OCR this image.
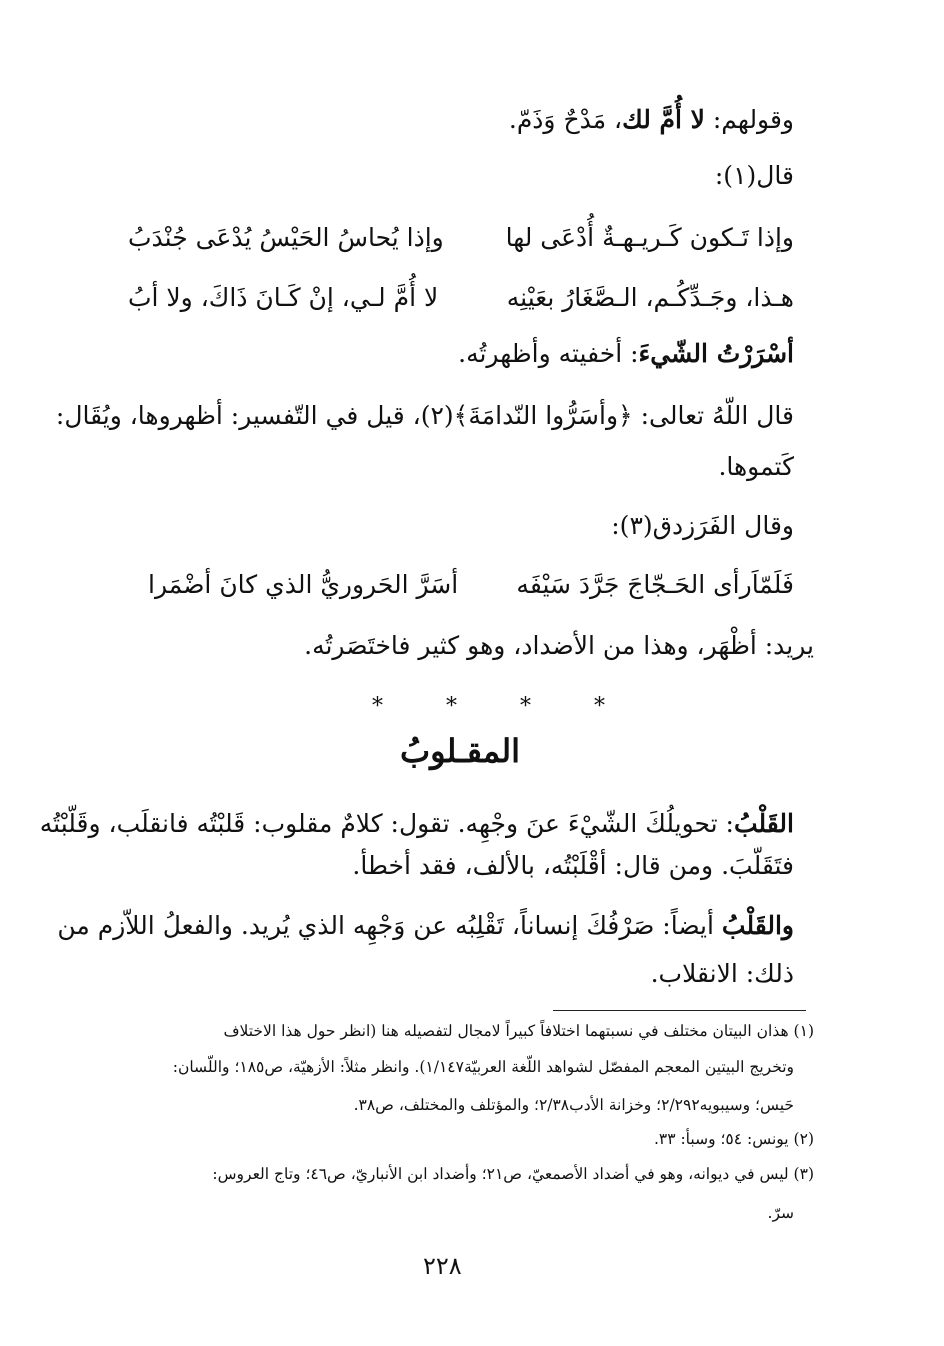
وقولهم: لا أُمَّ لك، مَدْحٌ وَذَمّ.
قال(١):
وإذا تَـكون كَـريـهـةٌ أُدْعَى لها
وإذا يُحاسُ الحَيْسُ يُدْعَى جُنْدَبُ
هـذا، وجَـدِّكُـم، الـصَّغَارُ بعَيْنِه
لا أُمَّ لـي، إنْ كَـانَ ذَاكَ، ولا أبُ
أسْرَرْتُ الشّيءَ: أخفيته وأظهرتُه.
قال اللّهُ تعالى: ﴿وأسَرُّوا النّدامَةَ﴾(٢)، قيل في التّفسير: أظهروها، ويُقَال:
كَتموها.
وقال الفَرَزدق(٣):
فَلَمّاَرأى الحَـجّاجَ جَرَّدَ سَيْفَه
أسَرَّ الحَروريُّ الذي كانَ أضْمَرا
يريد: أظْهَر، وهذا من الأضداد، وهو كثير فاختَصَرتُه.
* * * *
المقـلوبُ
القَلْبُ: تحويلُكَ الشّيْءَ عنَ وجْهِه. تقول: كلامٌ مقلوب: قَلبْتُه فانقلَب، وقَلّبْتُه
فتَقَلّبَ. ومن قال: أقْلَبْتُه، بالألف، فقد أخطأ.
والقَلْبُ أيضاً: صَرْفُكَ إنساناً، تَقْلِبُه عن وَجْهِه الذي يُريد. والفعلُ اللاّزم من
ذلك: الانقلاب.
(١) هذان البيتان مختلف في نسبتهما اختلافاً كبيراً لامجال لتفصيله هنا (انظر حول هذا الاختلاف
وتخريج البيتين المعجم المفصّل لشواهد اللّغة العربيّة١/١٤٧). وانظر مثلاً: الأزهيّة، ص١٨٥؛ واللّسان:
حَيس؛ وسيبويه٢/٢٩٢؛ وخزانة الأدب٢/٣٨؛ والمؤتلف والمختلف، ص٣٨.
(٢) يونس: ٥٤؛ وسبأ: ٣٣.
(٣) ليس في ديوانه، وهو في أضداد الأصمعيّ، ص٢١؛ وأضداد ابن الأنباريّ، ص٤٦؛ وتاج العروس:
سرّ.
٢٢٨
